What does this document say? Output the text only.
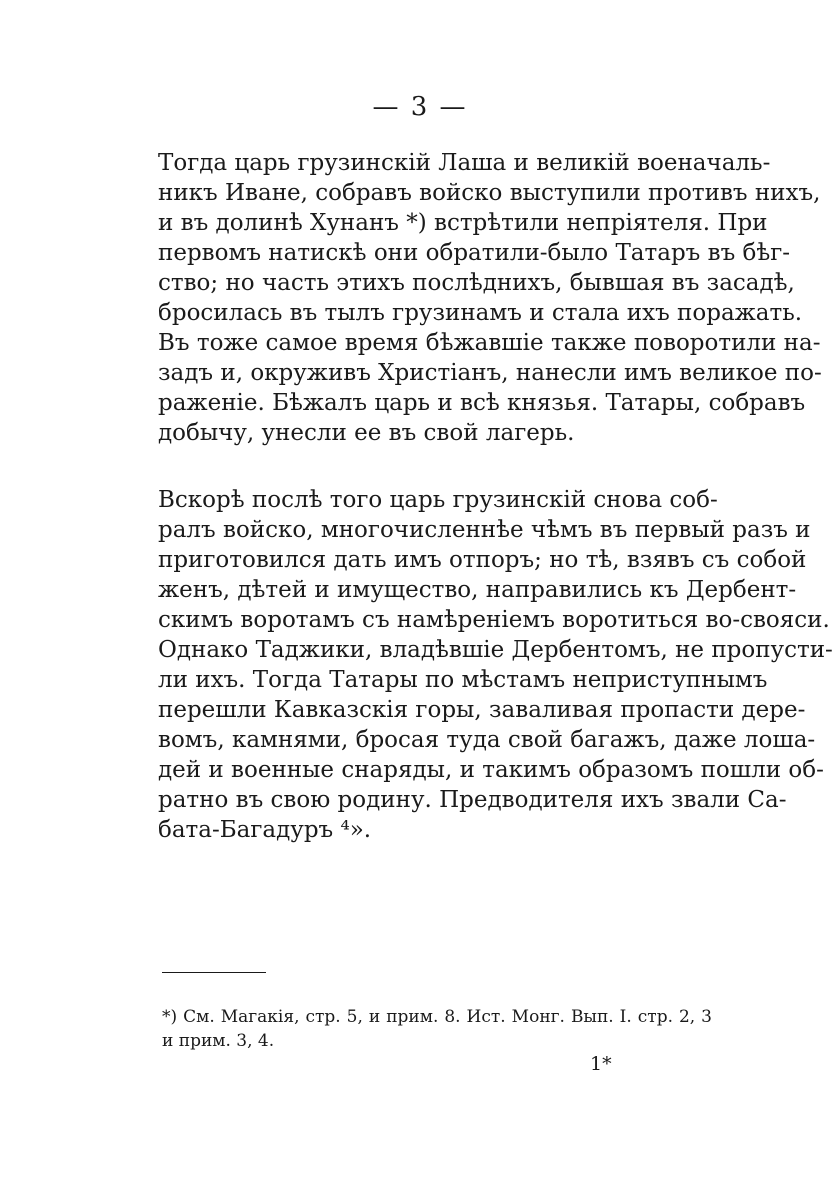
— 3 —
Тогда царь грузинскій Лаша и великій военачаль-
никъ Иване, собравъ войско выступили противъ нихъ,
и въ долинѣ Хунанъ *) встрѣтили непріятеля. При
первомъ натискѣ они обратили-было Татаръ въ бѣг-
ство; но часть этихъ послѣднихъ, бывшая въ засадѣ,
бросилась въ тылъ грузинамъ и стала ихъ поражать.
Въ тоже самое время бѣжавшіе также поворотили на-
задъ и, окруживъ Христіанъ, нанесли имъ великое по-
раженіе. Бѣжалъ царь и всѣ князья. Татары, собравъ
добычу, унесли ее въ свой лагерь.
Вскорѣ послѣ того царь грузинскій снова соб-
ралъ войско, многочисленнѣе чѣмъ въ первый разъ и
приготовился дать имъ отпоръ; но тѣ, взявъ съ собой
женъ, дѣтей и имущество, направились къ Дербент-
скимъ воротамъ съ намѣреніемъ воротиться во-свояси.
Однако Таджики, владѣвшіе Дербентомъ, не пропусти-
ли ихъ. Тогда Татары по мѣстамъ неприступнымъ
перешли Кавказскія горы, заваливая пропасти дере-
вомъ, камнями, бросая туда свой багажъ, даже лоша-
дей и военные снаряды, и такимъ образомъ пошли об-
ратно въ свою родину. Предводителя ихъ звали Са-
бата-Багадуръ ⁴».
*) См. Магакія, стр. 5, и прим. 8. Ист. Монг. Вып. I. стр. 2, 3
и прим. 3, 4.
1*
